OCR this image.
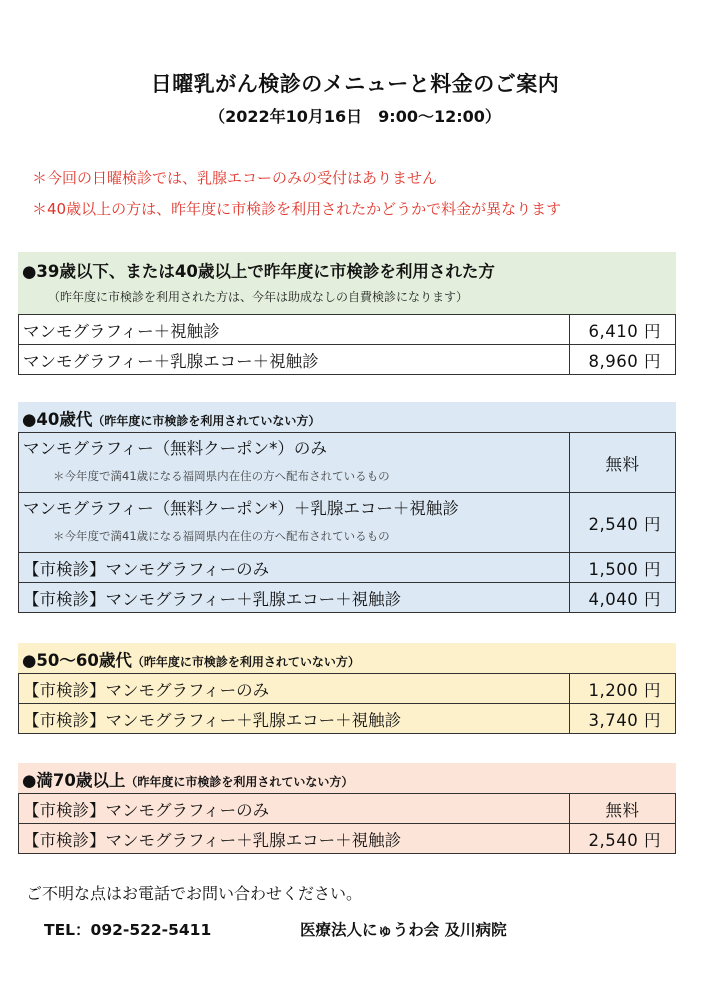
日曜乳がん検診のメニューと料金のご案内
（2022年10月16日　9:00～12:00）
＊今回の日曜検診では、乳腺エコーのみの受付はありません
＊40歳以上の方は、昨年度に市検診を利用されたかどうかで料金が異なります
●39歳以下、または40歳以上で昨年度に市検診を利用された方
（昨年度に市検診を利用された方は、今年は助成なしの自費検診になります）
マンモグラフィー＋視触診	6,410 円
マンモグラフィー＋乳腺エコー＋視触診	8,960 円
●40歳代（昨年度に市検診を利用されていない方）
マンモグラフィー（無料クーポン*）のみ
＊今年度で満41歳になる福岡県内在住の方へ配布されているもの	無料
マンモグラフィー（無料クーポン*）＋乳腺エコー＋視触診
＊今年度で満41歳になる福岡県内在住の方へ配布されているもの	2,540 円
【市検診】マンモグラフィーのみ	1,500 円
【市検診】マンモグラフィー＋乳腺エコー＋視触診	4,040 円
●50～60歳代（昨年度に市検診を利用されていない方）
【市検診】マンモグラフィーのみ	1,200 円
【市検診】マンモグラフィー＋乳腺エコー＋視触診	3,740 円
●満70歳以上（昨年度に市検診を利用されていない方）
【市検診】マンモグラフィーのみ	無料
【市検診】マンモグラフィー＋乳腺エコー＋視触診	2,540 円
ご不明な点はお電話でお問い合わせください。
TEL：092-522-5411	医療法人にゅうわ会 及川病院
